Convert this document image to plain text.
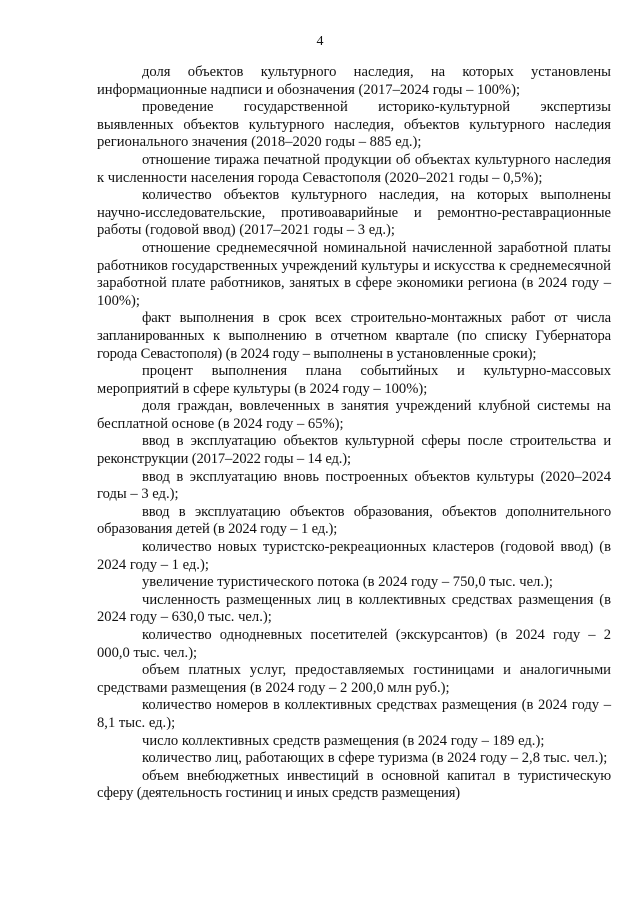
4

доля объектов культурного наследия, на которых установлены информационные надписи и обозначения (2017–2024 годы – 100%);

проведение государственной историко-культурной экспертизы выявленных объектов культурного наследия, объектов культурного наследия регионального значения (2018–2020 годы – 885 ед.);

отношение тиража печатной продукции об объектах культурного наследия к численности населения города Севастополя (2020–2021 годы – 0,5%);

количество объектов культурного наследия, на которых выполнены научно-исследовательские, противоаварийные и ремонтно-реставрационные работы (годовой ввод) (2017–2021 годы – 3 ед.);

отношение среднемесячной номинальной начисленной заработной платы работников государственных учреждений культуры и искусства к среднемесячной заработной плате работников, занятых в сфере экономики региона (в 2024 году – 100%);

факт выполнения в срок всех строительно-монтажных работ от числа запланированных к выполнению в отчетном квартале (по списку Губернатора города Севастополя) (в 2024 году – выполнены в установленные сроки);

процент выполнения плана событийных и культурно-массовых мероприятий в сфере культуры (в 2024 году – 100%);

доля граждан, вовлеченных в занятия учреждений клубной системы на бесплатной основе (в 2024 году – 65%);

ввод в эксплуатацию объектов культурной сферы после строительства и реконструкции (2017–2022 годы – 14 ед.);

ввод в эксплуатацию вновь построенных объектов культуры (2020–2024 годы – 3 ед.);

ввод в эксплуатацию объектов образования, объектов дополнительного образования детей (в 2024 году – 1 ед.);

количество новых туристско-рекреационных кластеров (годовой ввод) (в 2024 году – 1 ед.);

увеличение туристического потока (в 2024 году – 750,0 тыс. чел.);

численность размещенных лиц в коллективных средствах размещения (в 2024 году – 630,0 тыс. чел.);

количество однодневных посетителей (экскурсантов) (в 2024 году – 2 000,0 тыс. чел.);

объем платных услуг, предоставляемых гостиницами и аналогичными средствами размещения (в 2024 году – 2 200,0 млн руб.);

количество номеров в коллективных средствах размещения (в 2024 году – 8,1 тыс. ед.);

число коллективных средств размещения (в 2024 году – 189 ед.);

количество лиц, работающих в сфере туризма (в 2024 году – 2,8 тыс. чел.);

объем внебюджетных инвестиций в основной капитал в туристическую сферу (деятельность гостиниц и иных средств размещения)
